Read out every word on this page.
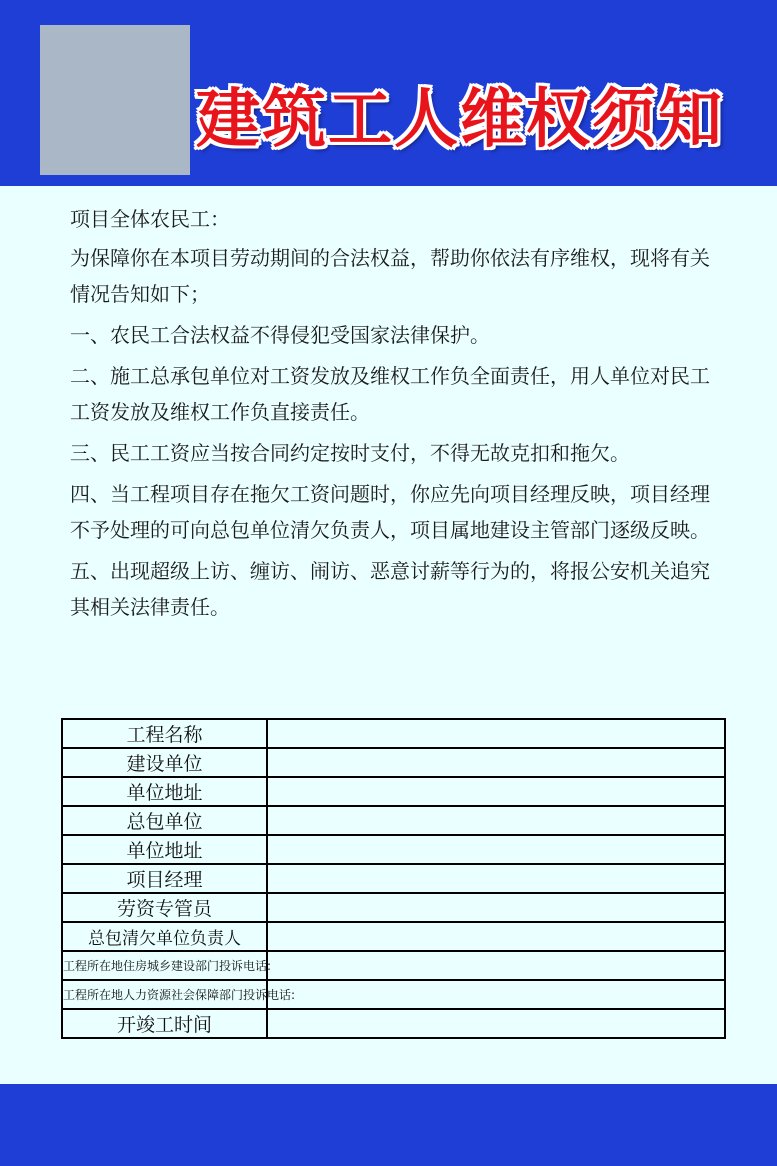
建筑工人维权须知

项目全体农民工：

为保障你在本项目劳动期间的合法权益，帮助你依法有序维权，现将有关情况告知如下；

一、农民工合法权益不得侵犯受国家法律保护。

二、施工总承包单位对工资发放及维权工作负全面责任，用人单位对民工工资发放及维权工作负直接责任。

三、民工工资应当按合同约定按时支付，不得无故克扣和拖欠。

四、当工程项目存在拖欠工资问题时，你应先向项目经理反映，项目经理不予处理的可向总包单位清欠负责人，项目属地建设主管部门逐级反映。

五、出现超级上访、缠访、闹访、恶意讨薪等行为的，将报公安机关追究其相关法律责任。

工程名称	
建设单位	
单位地址	
总包单位	
单位地址	
项目经理	
劳资专管员	
总包清欠单位负责人	
工程所在地住房城乡建设部门投诉电话:	
工程所在地人力资源社会保障部门投诉电话:	
开竣工时间	
